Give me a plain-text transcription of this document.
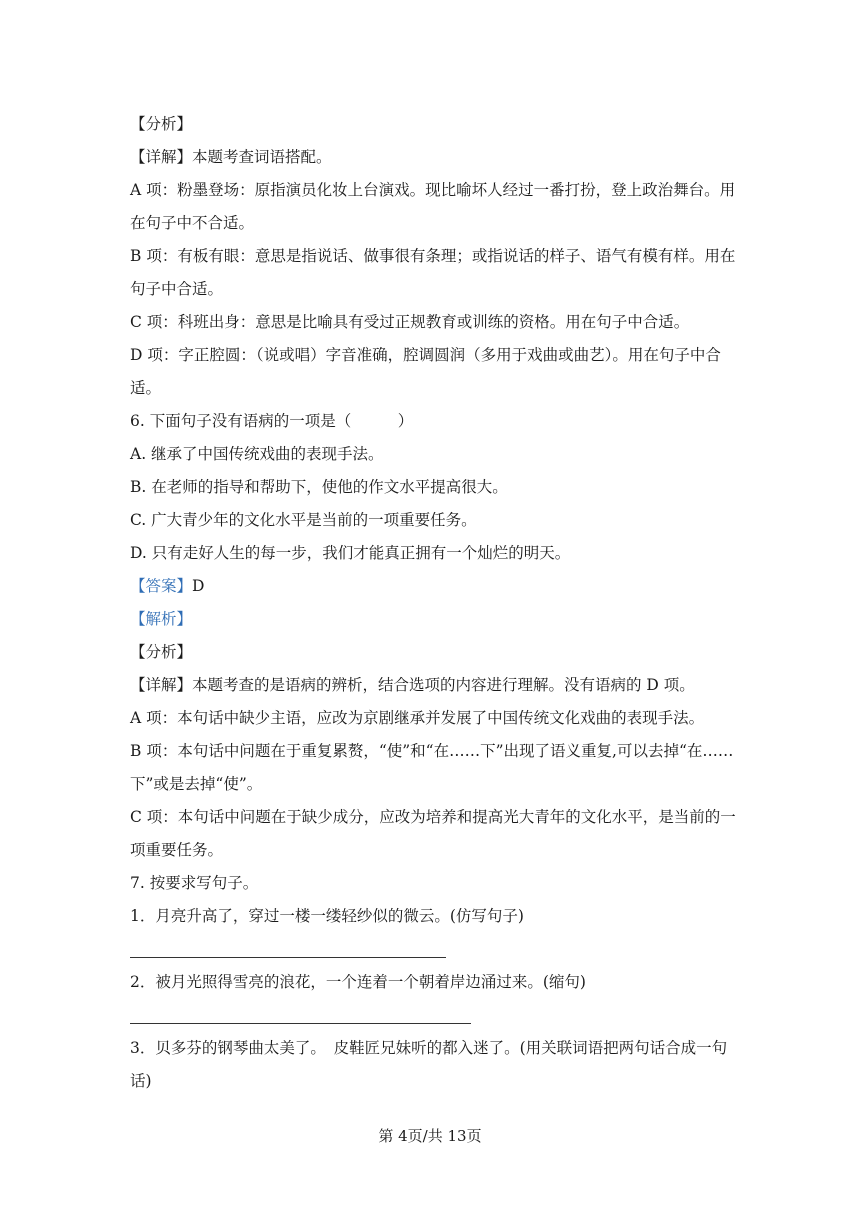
【分析】

【详解】本题考查词语搭配。

A 项：粉墨登场：原指演员化妆上台演戏。现比喻坏人经过一番打扮，登上政治舞台。用在句子中不合适。

B 项：有板有眼：意思是指说话、做事很有条理；或指说话的样子、语气有模有样。用在句子中合适。

C 项：科班出身：意思是比喻具有受过正规教育或训练的资格。用在句子中合适。

D 项：字正腔圆：（说或唱）字音准确，腔调圆润（多用于戏曲或曲艺）。用在句子中合适。

6. 下面句子没有语病的一项是（　　　）

A. 继承了中国传统戏曲的表现手法。

B. 在老师的指导和帮助下，使他的作文水平提高很大。

C. 广大青少年的文化水平是当前的一项重要任务。

D. 只有走好人生的每一步，我们才能真正拥有一个灿烂的明天。

【答案】D

【解析】

【分析】

【详解】本题考查的是语病的辨析，结合选项的内容进行理解。没有语病的 D 项。

A 项：本句话中缺少主语，应改为京剧继承并发展了中国传统文化戏曲的表现手法。

B 项：本句话中问题在于重复累赘，“使”和“在……下”出现了语义重复,可以去掉“在……下”或是去掉“使”。

C 项：本句话中问题在于缺少成分，应改为培养和提高光大青年的文化水平，是当前的一项重要任务。

7. 按要求写句子。

1．月亮升高了，穿过一楼一缕轻纱似的微云。(仿写句子)

2．被月光照得雪亮的浪花，一个连着一个朝着岸边涌过来。(缩句)

3．贝多芬的钢琴曲太美了。　皮鞋匠兄妹听的都入迷了。(用关联词语把两句话合成一句话)

第 4页/共 13页
